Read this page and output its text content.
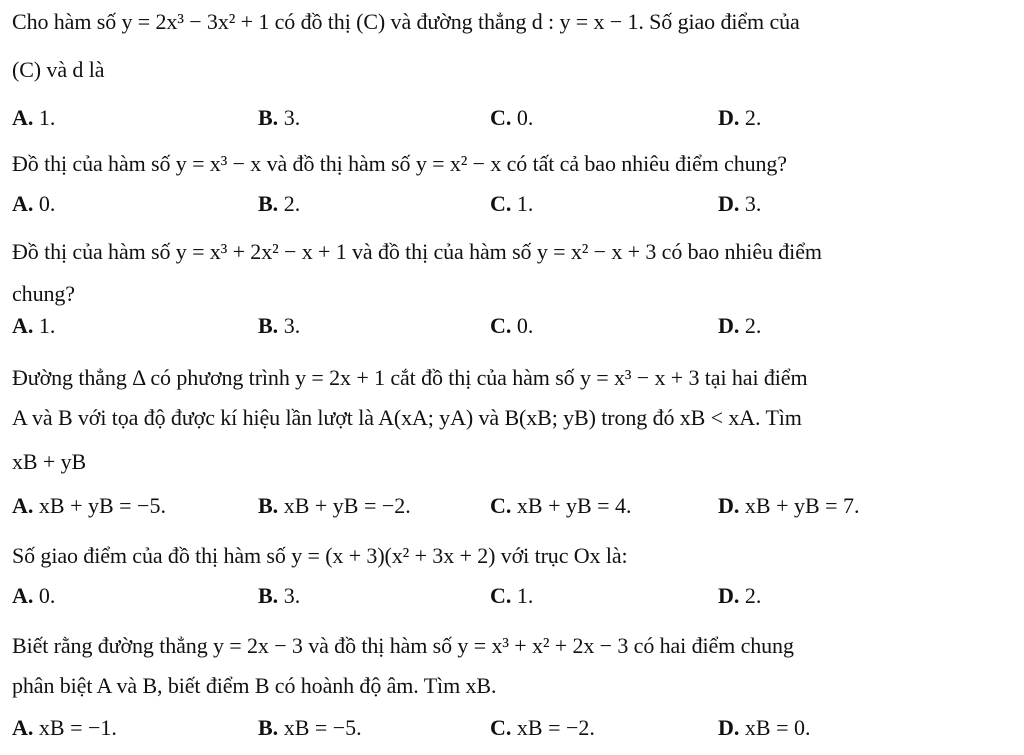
Cho hàm số y = 2x³ − 3x² + 1 có đồ thị (C) và đường thẳng d : y = x − 1. Số giao điểm của
(C) và d là
A. 1.	B. 3.	C. 0.	D. 2.
Đồ thị của hàm số y = x³ − x và đồ thị hàm số y = x² − x có tất cả bao nhiêu điểm chung?
A. 0.	B. 2.	C. 1.	D. 3.
Đồ thị của hàm số y = x³ + 2x² − x + 1 và đồ thị của hàm số y = x² − x + 3 có bao nhiêu điểm
chung?
A. 1.	B. 3.	C. 0.	D. 2.
Đường thẳng Δ có phương trình y = 2x + 1 cắt đồ thị của hàm số y = x³ − x + 3 tại hai điểm
A và B với tọa độ được kí hiệu lần lượt là A(xA; yA) và B(xB; yB) trong đó xB < xA. Tìm
xB + yB
A. xB + yB = −5.	B. xB + yB = −2.	C. xB + yB = 4.	D. xB + yB = 7.
Số giao điểm của đồ thị hàm số y = (x + 3)(x² + 3x + 2) với trục Ox là:
A. 0.	B. 3.	C. 1.	D. 2.
Biết rằng đường thẳng y = 2x − 3 và đồ thị hàm số y = x³ + x² + 2x − 3 có hai điểm chung
phân biệt A và B, biết điểm B có hoành độ âm. Tìm xB.
A. xB = −1.	B. xB = −5.	C. xB = −2.	D. xB = 0.
